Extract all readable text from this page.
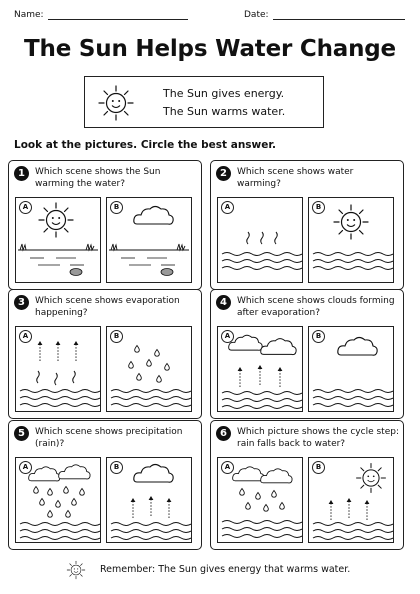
Name:	Date:
The Sun Helps Water Change
The Sun gives energy.
The Sun warms water.
Look at the pictures. Circle the best answer.
1	Which scene shows the Sun warming the water?
A	B
2	Which scene shows water warming?
A	B
3	Which scene shows evaporation happening?
A	B
4	Which scene shows clouds forming after evaporation?
A	B
5	Which scene shows precipitation (rain)?
A	B
6	Which picture shows the cycle step: rain falls back to water?
A	B
Remember: The Sun gives energy that warms water.
